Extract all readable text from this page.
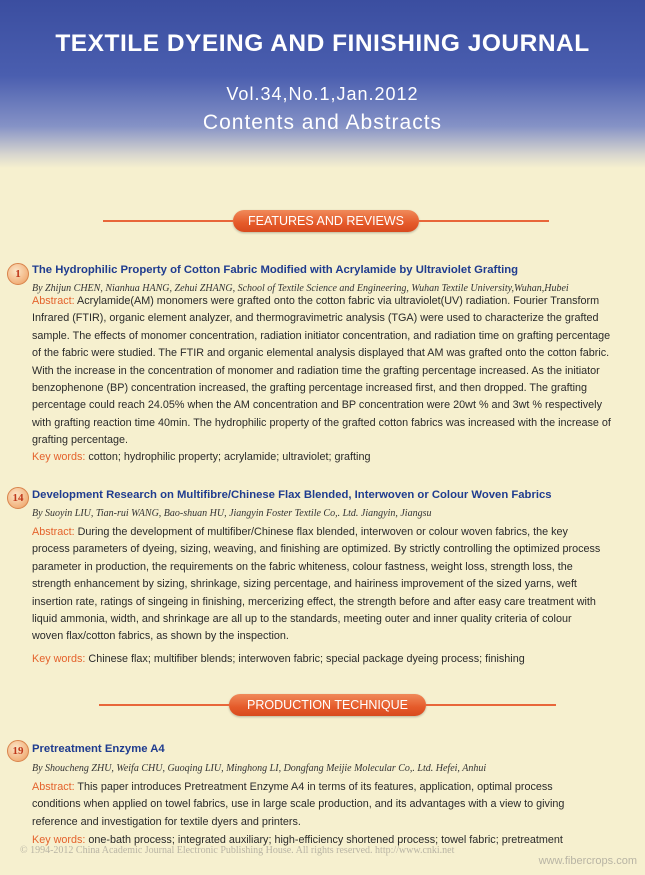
TEXTILE DYEING AND FINISHING JOURNAL
Vol.34,No.1,Jan.2012
Contents and Abstracts
FEATURES AND REVIEWS
1 The Hydrophilic Property of Cotton Fabric Modified with Acrylamide by Ultraviolet Grafting
By Zhijun CHEN, Nianhua HANG, Zehui ZHANG, School of Textile Science and Engineering, Wuhan Textile University,Wuhan,Hubei
Abstract: Acrylamide(AM) monomers were grafted onto the cotton fabric via ultraviolet(UV) radiation. Fourier Transform
Infrared (FTIR), organic element analyzer, and thermogravimetric analysis (TGA) were used to characterize the grafted
sample. The effects of monomer concentration, radiation initiator concentration, and radiation time on grafting percentage
of the fabric were studied. The FTIR and organic elemental analysis displayed that AM was grafted onto the cotton fabric.
With the increase in the concentration of monomer and radiation time the grafting percentage increased. As the initiator
benzophenone (BP) concentration increased, the grafting percentage increased first, and then dropped. The grafting
percentage could reach 24.05% when the AM concentration and BP concentration were 20wt % and 3wt % respectively
with grafting reaction time 40min. The hydrophilic property of the grafted cotton fabrics was increased with the increase of
grafting percentage.
Key words: cotton; hydrophilic property; acrylamide; ultraviolet; grafting
14 Development Research on Multifibre/Chinese Flax Blended, Interwoven or Colour Woven Fabrics
By Suoyin LIU, Tian-rui WANG, Bao-shuan HU, Jiangyin Foster Textile Co,. Ltd. Jiangyin, Jiangsu
Abstract: During the development of multifiber/Chinese flax blended, interwoven or colour woven fabrics, the key
process parameters of dyeing, sizing, weaving, and finishing are optimized. By strictly controlling the optimized process
parameter in production, the requirements on the fabric whiteness, colour fastness, weight loss, strength loss, the
strength enhancement by sizing, shrinkage, sizing percentage, and hairiness improvement of the sized yarns, weft
insertion rate, ratings of singeing in finishing, mercerizing effect, the strength before and after easy care treatment with
liquid ammonia, width, and shrinkage are all up to the standards, meeting outer and inner quality criteria of colour
woven flax/cotton fabrics, as shown by the inspection.
Key words: Chinese flax; multifiber blends; interwoven fabric; special package dyeing process; finishing
PRODUCTION TECHNIQUE
19 Pretreatment Enzyme A4
By Shoucheng ZHU, Weifa CHU, Guoqing LIU, Minghong LI, Dongfang Meijie Molecular Co,. Ltd. Hefei, Anhui
Abstract: This paper introduces Pretreatment Enzyme A4 in terms of its features, application, optimal process
conditions when applied on towel fabrics, use in large scale production, and its advantages with a view to giving
reference and investigation for textile dyers and printers.
Key words: one-bath process; integrated auxiliary; high-efficiency shortened process; towel fabric; pretreatment
© 1994-2012 China Academic Journal Electronic Publishing House. All rights reserved. http://www.cnki.net
www.fibercrops.com
